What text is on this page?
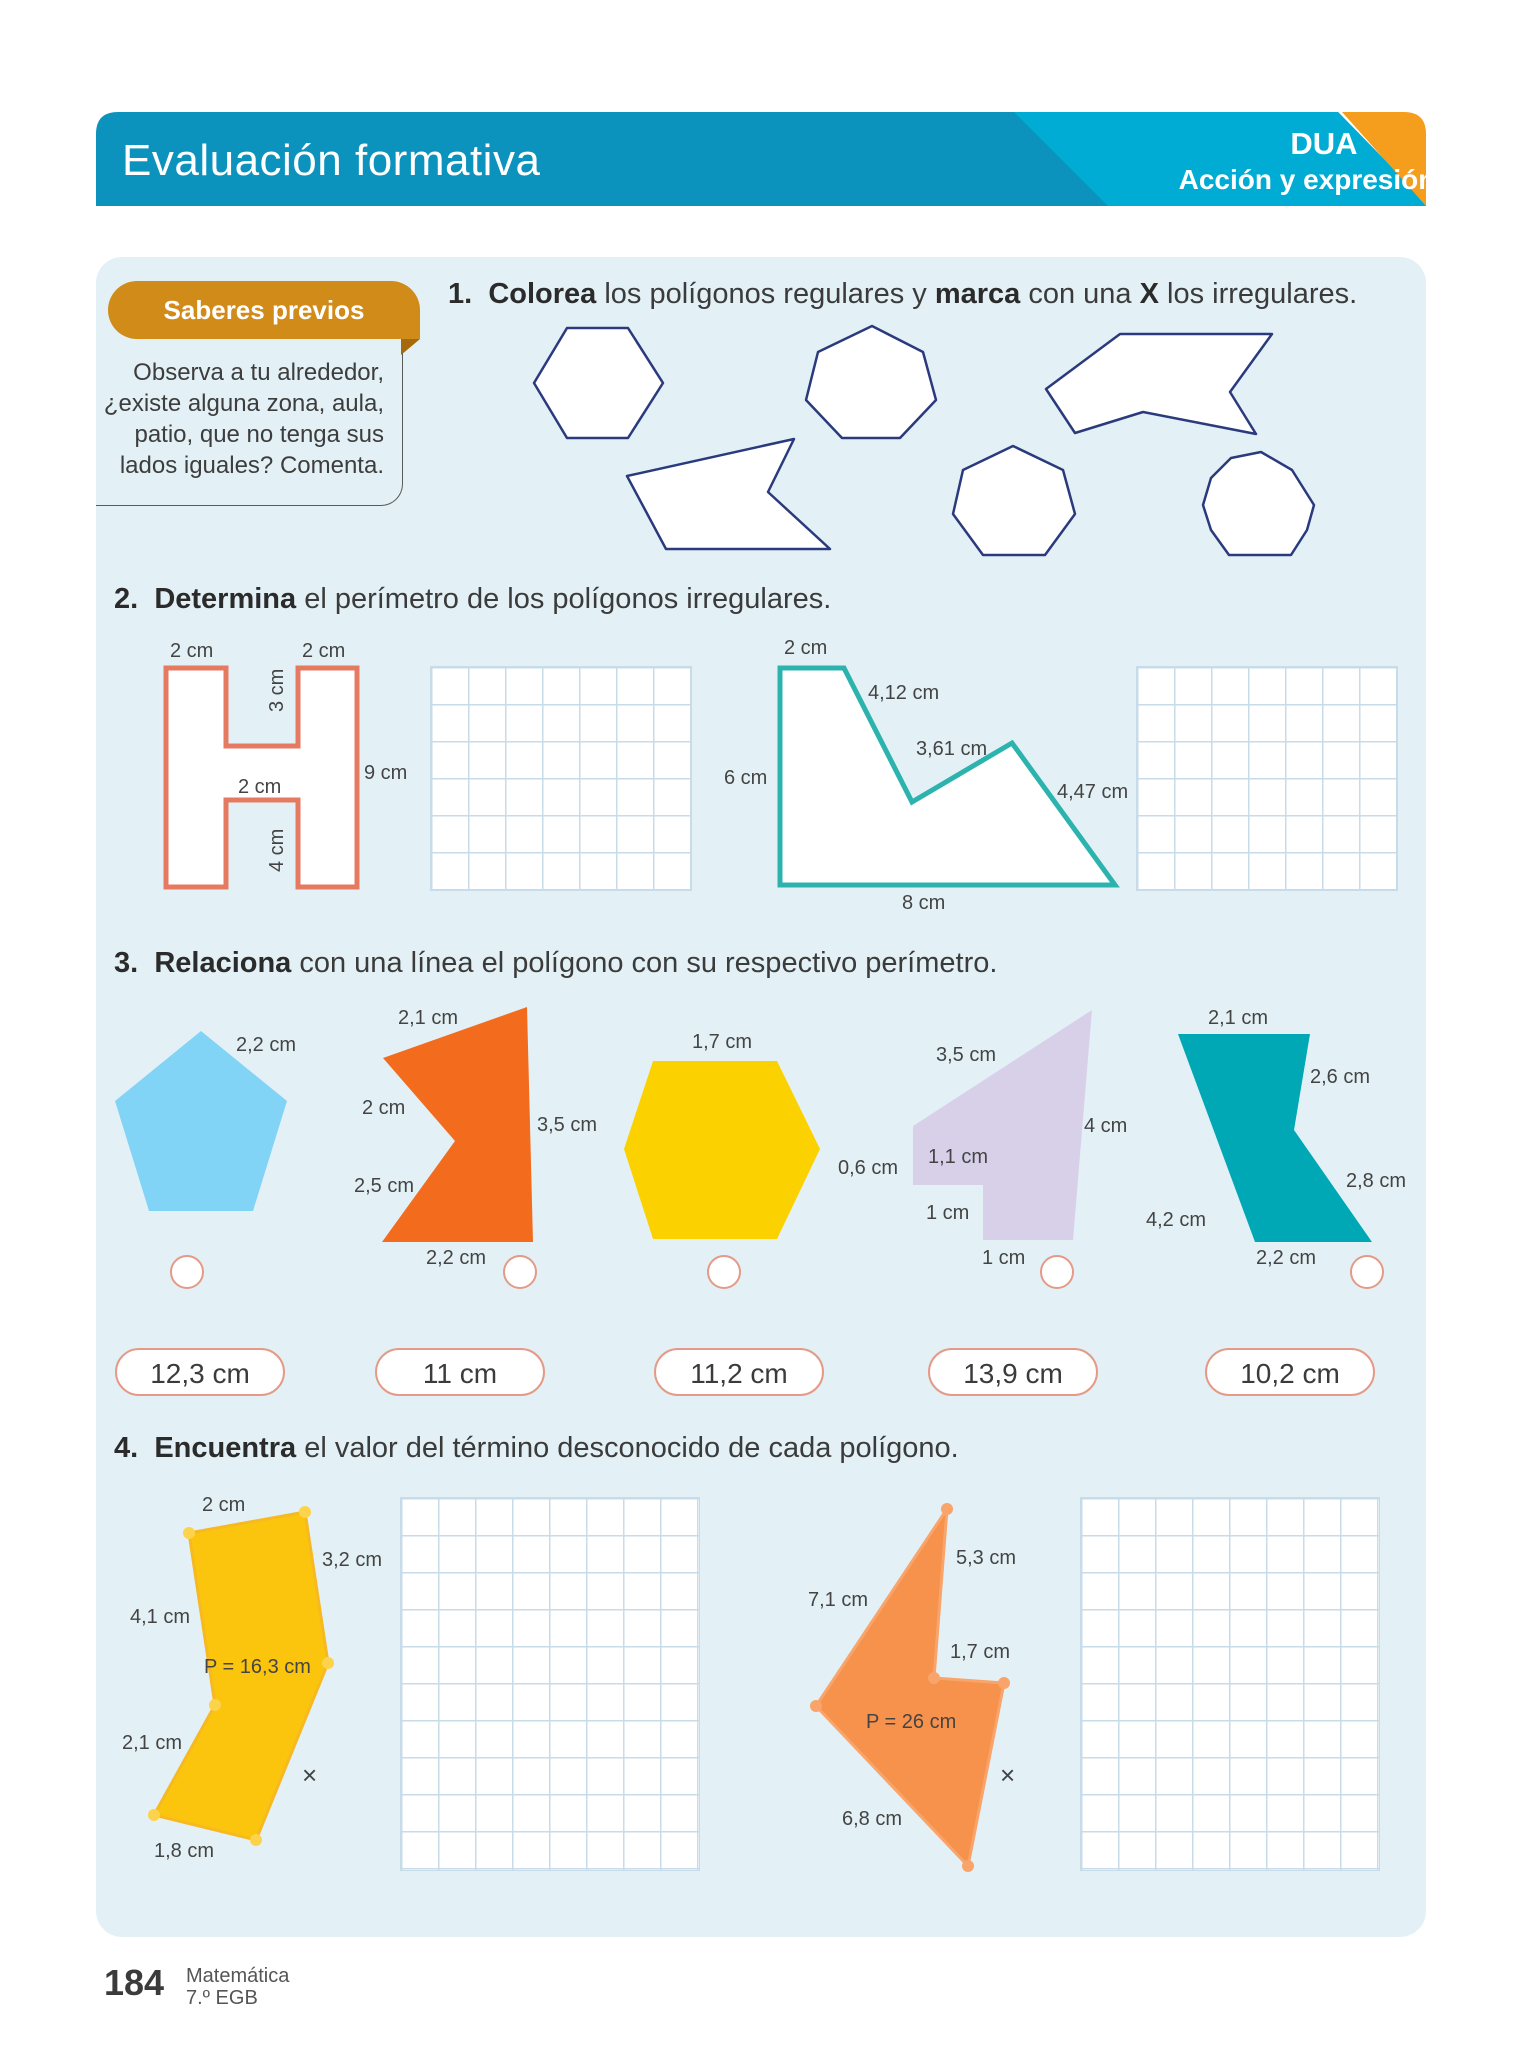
Evaluación formativa	DUA
Acción y expresión
Saberes previos
Observa a tu alrededor,
¿existe alguna zona, aula,
patio, que no tenga sus
lados iguales? Comenta.
1. Colorea los polígonos regulares y marca con una X los irregulares.
2. Determina el perímetro de los polígonos irregulares.
2 cm	2 cm
3 cm
9 cm
2 cm
4 cm
2 cm
4,12 cm
3,61 cm
6 cm
4,47 cm
8 cm
3. Relaciona con una línea el polígono con su respectivo perímetro.
2,2 cm
2,1 cm
2 cm
3,5 cm
2,5 cm
2,2 cm
1,7 cm
3,5 cm
4 cm
0,6 cm 1,1 cm
1 cm
1 cm
2,1 cm
2,6 cm
2,8 cm
4,2 cm
2,2 cm
12,3 cm	11 cm	11,2 cm	13,9 cm	10,2 cm
4. Encuentra el valor del término desconocido de cada polígono.
2 cm
3,2 cm
4,1 cm
P = 16,3 cm
2,1 cm
×
1,8 cm
5,3 cm
7,1 cm
1,7 cm
P = 26 cm
×
6,8 cm
184 Matemática
7.º EGB
